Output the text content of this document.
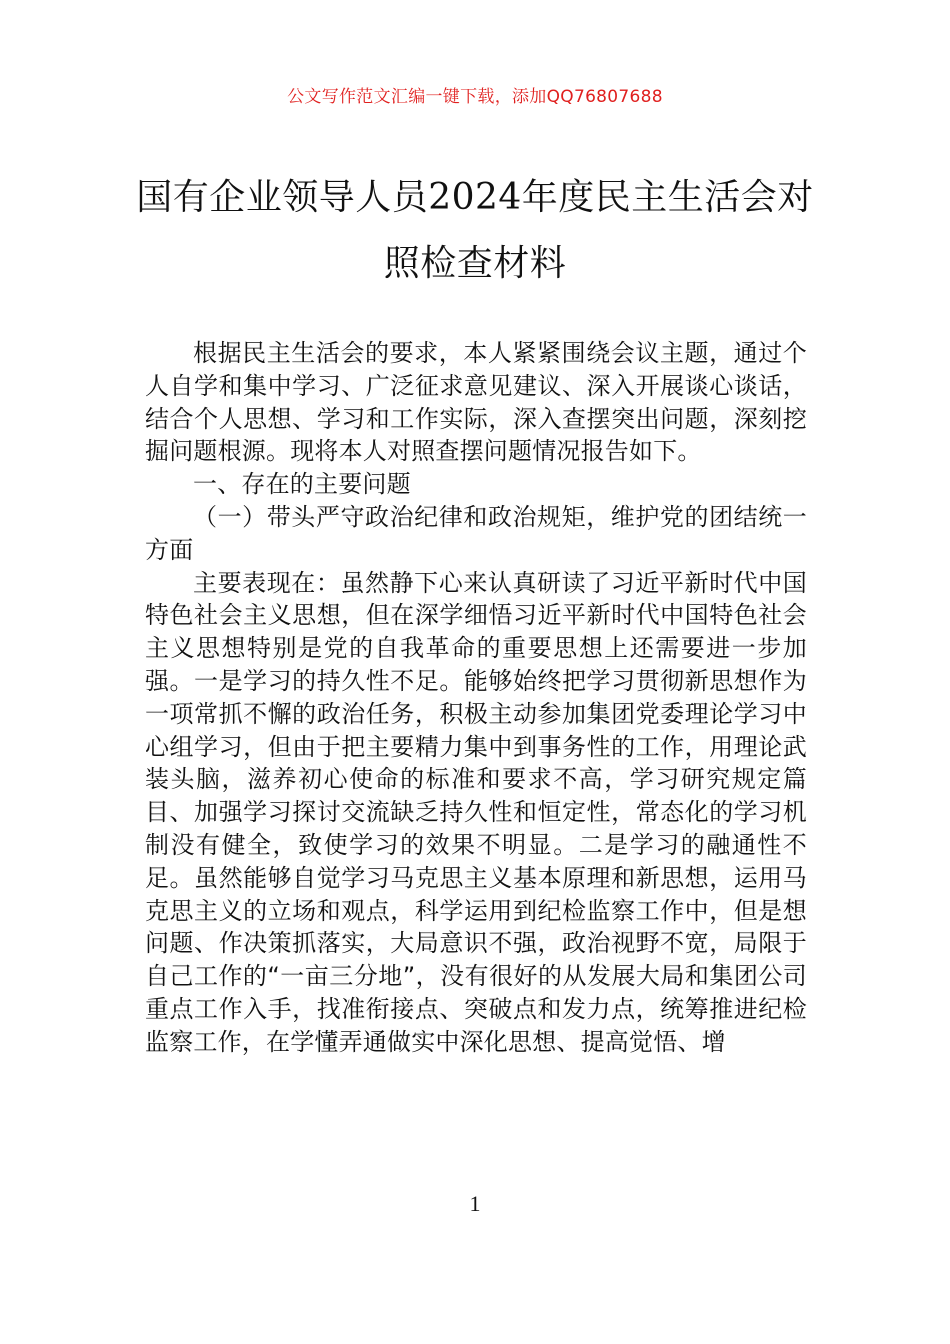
公文写作范文汇编一键下载，添加QQ76807688
国有企业领导人员2024年度民主生活会对照检查材料

根据民主生活会的要求，本人紧紧围绕会议主题，通过个人自学和集中学习、广泛征求意见建议、深入开展谈心谈话，结合个人思想、学习和工作实际，深入查摆突出问题，深刻挖掘问题根源。现将本人对照查摆问题情况报告如下。

一、存在的主要问题

（一）带头严守政治纪律和政治规矩，维护党的团结统一方面

主要表现在：虽然静下心来认真研读了习近平新时代中国特色社会主义思想，但在深学细悟习近平新时代中国特色社会主义思想特别是党的自我革命的重要思想上还需要进一步加强。一是学习的持久性不足。能够始终把学习贯彻新思想作为一项常抓不懈的政治任务，积极主动参加集团党委理论学习中心组学习，但由于把主要精力集中到事务性的工作，用理论武装头脑，滋养初心使命的标准和要求不高，学习研究规定篇目、加强学习探讨交流缺乏持久性和恒定性，常态化的学习机制没有健全，致使学习的效果不明显。二是学习的融通性不足。虽然能够自觉学习马克思主义基本原理和新思想，运用马克思主义的立场和观点，科学运用到纪检监察工作中，但是想问题、作决策抓落实，大局意识不强，政治视野不宽，局限于自己工作的“一亩三分地”，没有很好的从发展大局和集团公司重点工作入手，找准衔接点、突破点和发力点，统筹推进纪检监察工作，在学懂弄通做实中深化思想、提高觉悟、增

1
